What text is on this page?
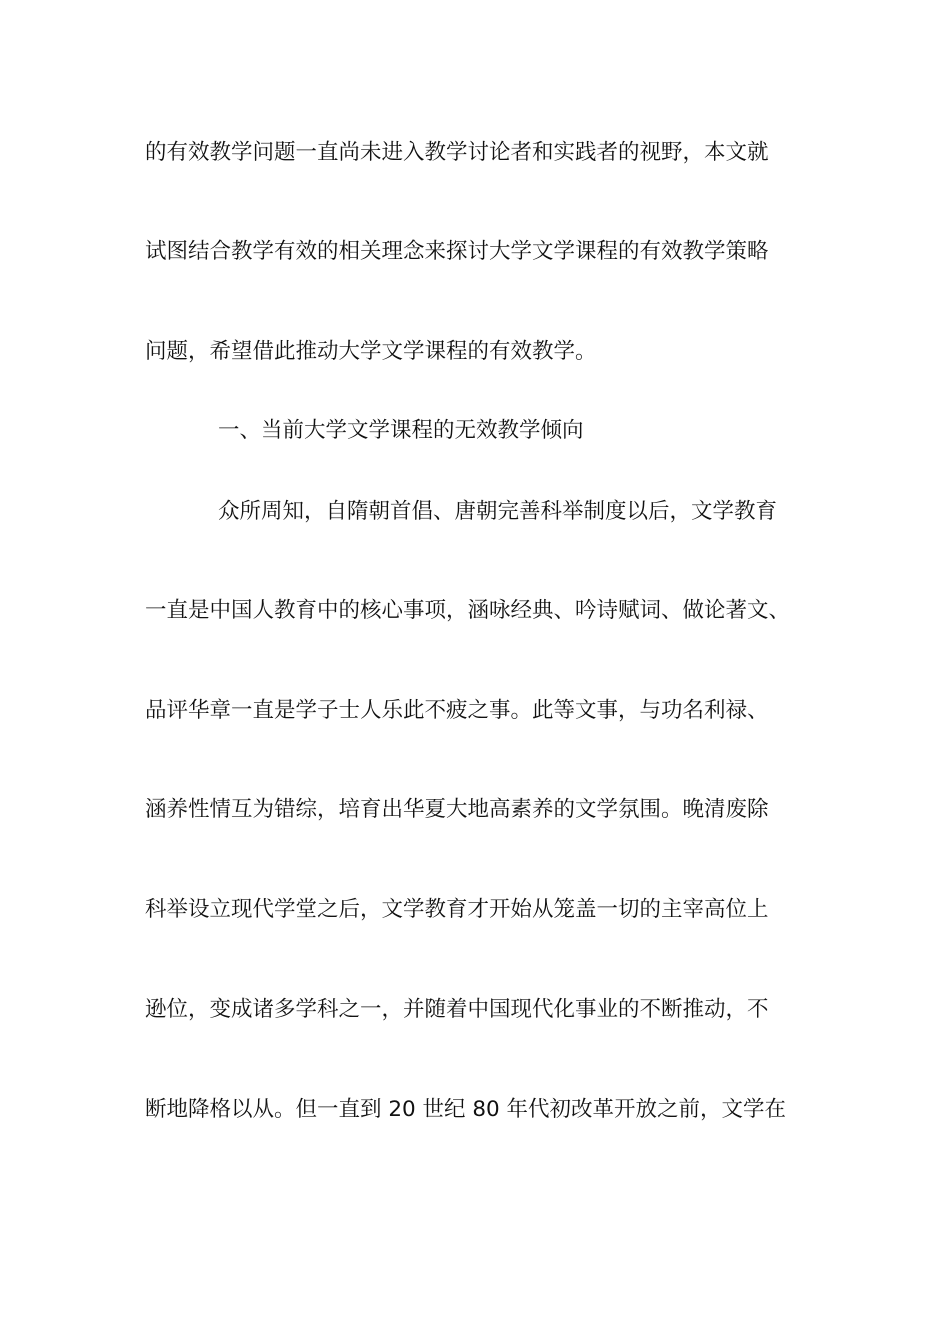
的有效教学问题一直尚未进入教学讨论者和实践者的视野，本文就
试图结合教学有效的相关理念来探讨大学文学课程的有效教学策略
问题，希望借此推动大学文学课程的有效教学。
一、当前大学文学课程的无效教学倾向
众所周知，自隋朝首倡、唐朝完善科举制度以后，文学教育
一直是中国人教育中的核心事项，涵咏经典、吟诗赋词、做论著文、
品评华章一直是学子士人乐此不疲之事。此等文事，与功名利禄、
涵养性情互为错综，培育出华夏大地高素养的文学氛围。晚清废除
科举设立现代学堂之后，文学教育才开始从笼盖一切的主宰高位上
逊位，变成诸多学科之一，并随着中国现代化事业的不断推动，不
断地降格以从。但一直到 20 世纪 80 年代初改革开放之前，文学在
